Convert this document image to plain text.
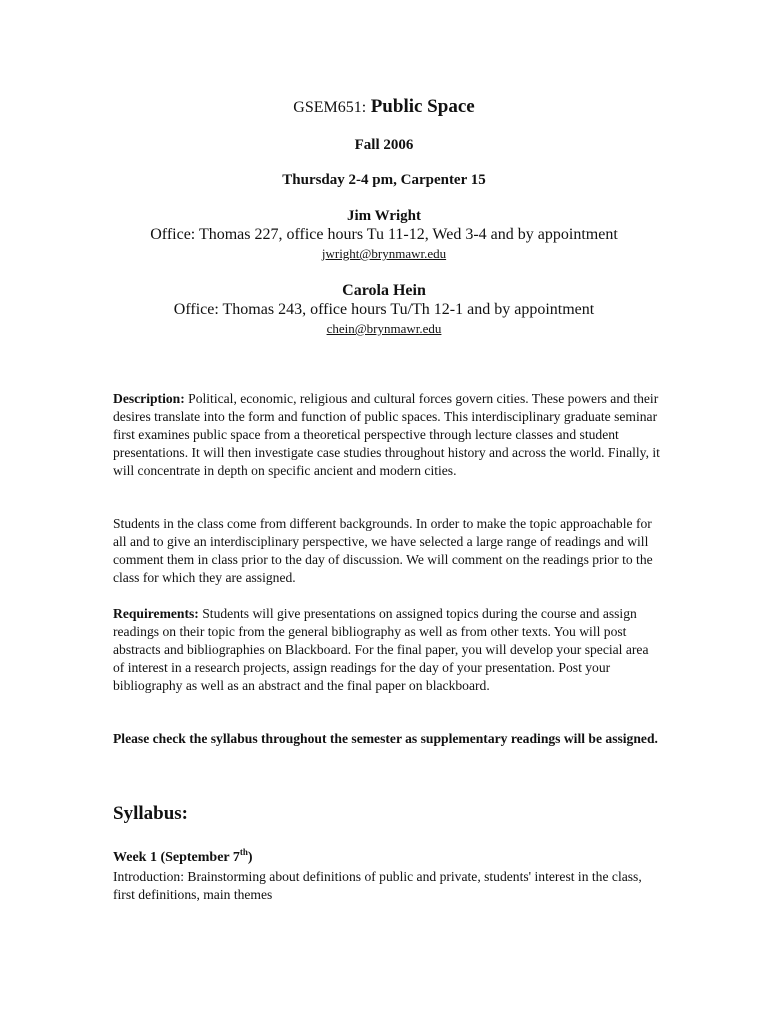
GSEM651: Public Space
Fall 2006
Thursday 2-4 pm, Carpenter 15
Jim Wright
Office: Thomas 227, office hours Tu 11-12, Wed 3-4 and by appointment
jwright@brynmawr.edu
Carola Hein
Office: Thomas 243, office hours Tu/Th 12-1 and by appointment
chein@brynmawr.edu

Description: Political, economic, religious and cultural forces govern cities. These powers and their desires translate into the form and function of public spaces. This interdisciplinary graduate seminar first examines public space from a theoretical perspective through lecture classes and student presentations. It will then investigate case studies throughout history and across the world. Finally, it will concentrate in depth on specific ancient and modern cities.

Students in the class come from different backgrounds. In order to make the topic approachable for all and to give an interdisciplinary perspective, we have selected a large range of readings and will comment them in class prior to the day of discussion. We will comment on the readings prior to the class for which they are assigned.

Requirements: Students will give presentations on assigned topics during the course and assign readings on their topic from the general bibliography as well as from other texts. You will post abstracts and bibliographies on Blackboard. For the final paper, you will develop your special area of interest in a research projects, assign readings for the day of your presentation. Post your bibliography as well as an abstract and the final paper on blackboard.

Please check the syllabus throughout the semester as supplementary readings will be assigned.

Syllabus:
Week 1 (September 7th)

Introduction: Brainstorming about definitions of public and private, students' interest in the class, first definitions, main themes
